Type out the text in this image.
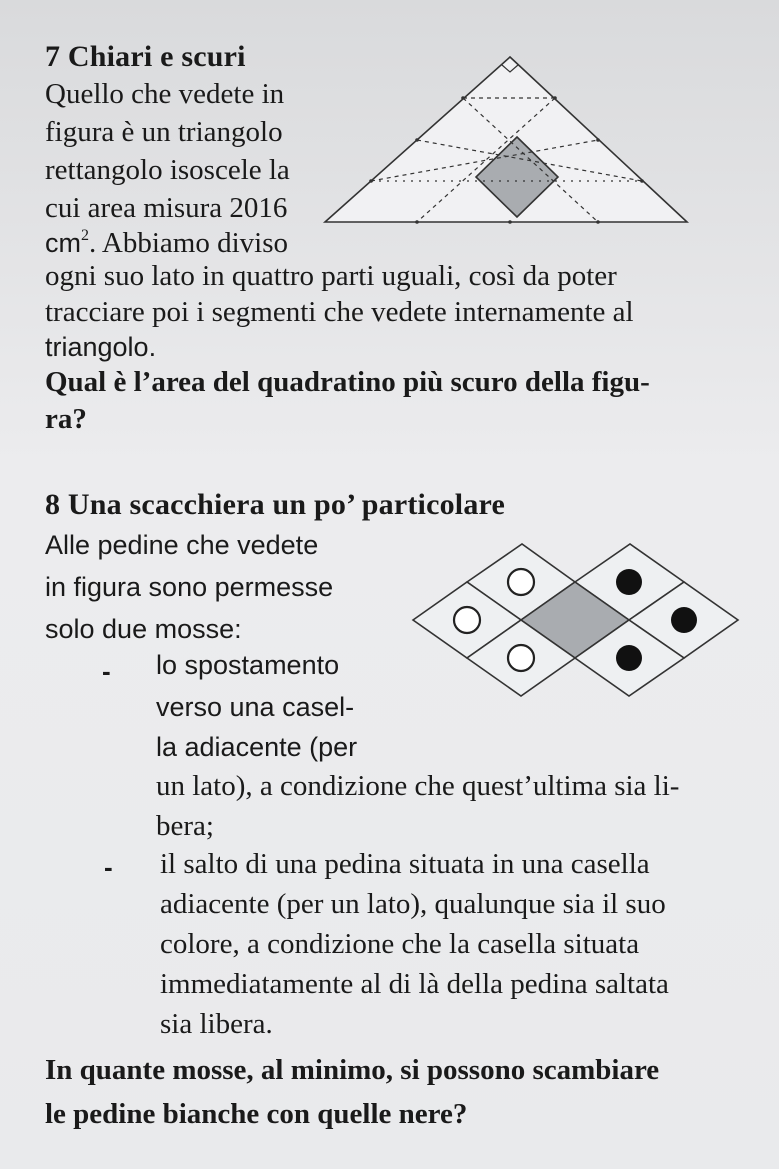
7 Chiari e scuri
Quello che vedete in
figura è un triangolo
rettangolo isoscele la
cui area misura 2016
$cm^2$. Abbiamo diviso
ogni suo lato in quattro parti uguali, così da poter
tracciare poi i segmenti che vedete internamente al
triangolo.
Qual è l’area del quadratino più scuro della figu-
ra?
8 Una scacchiera un po’ particolare
Alle pedine che vedete
in figura sono permesse
solo due mosse:
- lo spostamento
verso una casel-
la adiacente (per
un lato), a condizione che quest’ultima sia li-
bera;
- il salto di una pedina situata in una casella
adiacente (per un lato), qualunque sia il suo
colore, a condizione che la casella situata
immediatamente al di là della pedina saltata
sia libera.
In quante mosse, al minimo, si possono scambiare
le pedine bianche con quelle nere?
